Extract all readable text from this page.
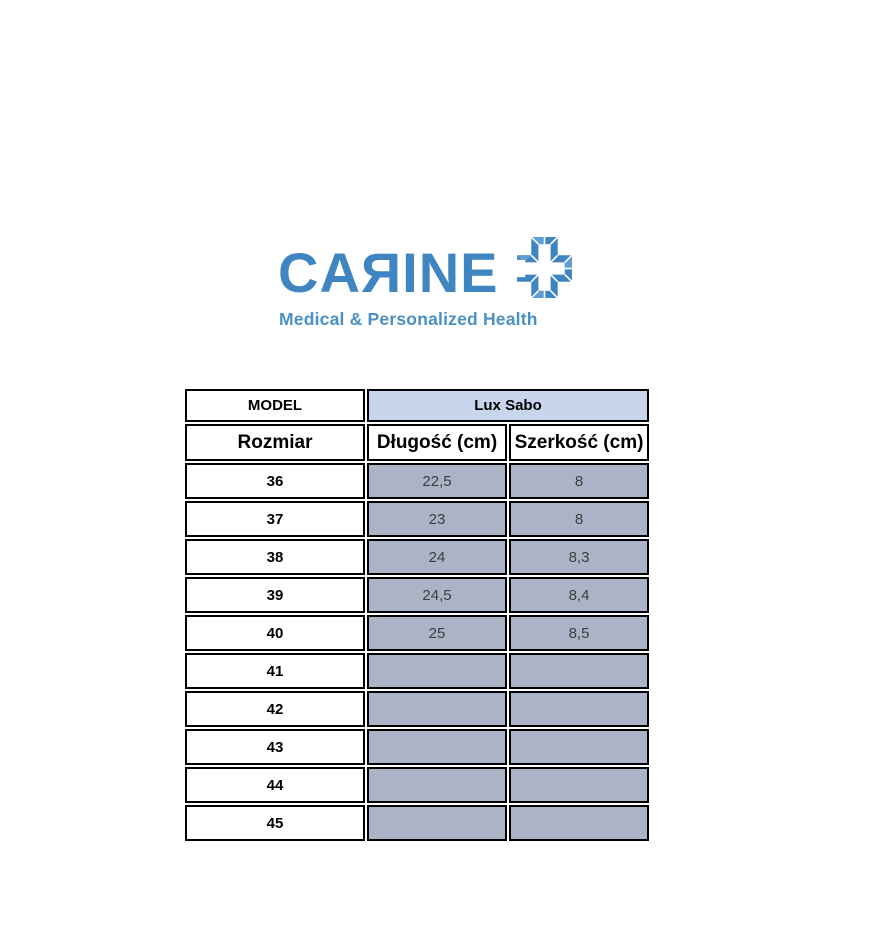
CAЯINE
Medical & Personalized Health
MODEL	Lux Sabo	
Rozmiar	Długość (cm)	Szerkość (cm)
36	22,5	8
37	23	8
38	24	8,3
39	24,5	8,4
40	25	8,5
41		
42		
43		
44		
45		
